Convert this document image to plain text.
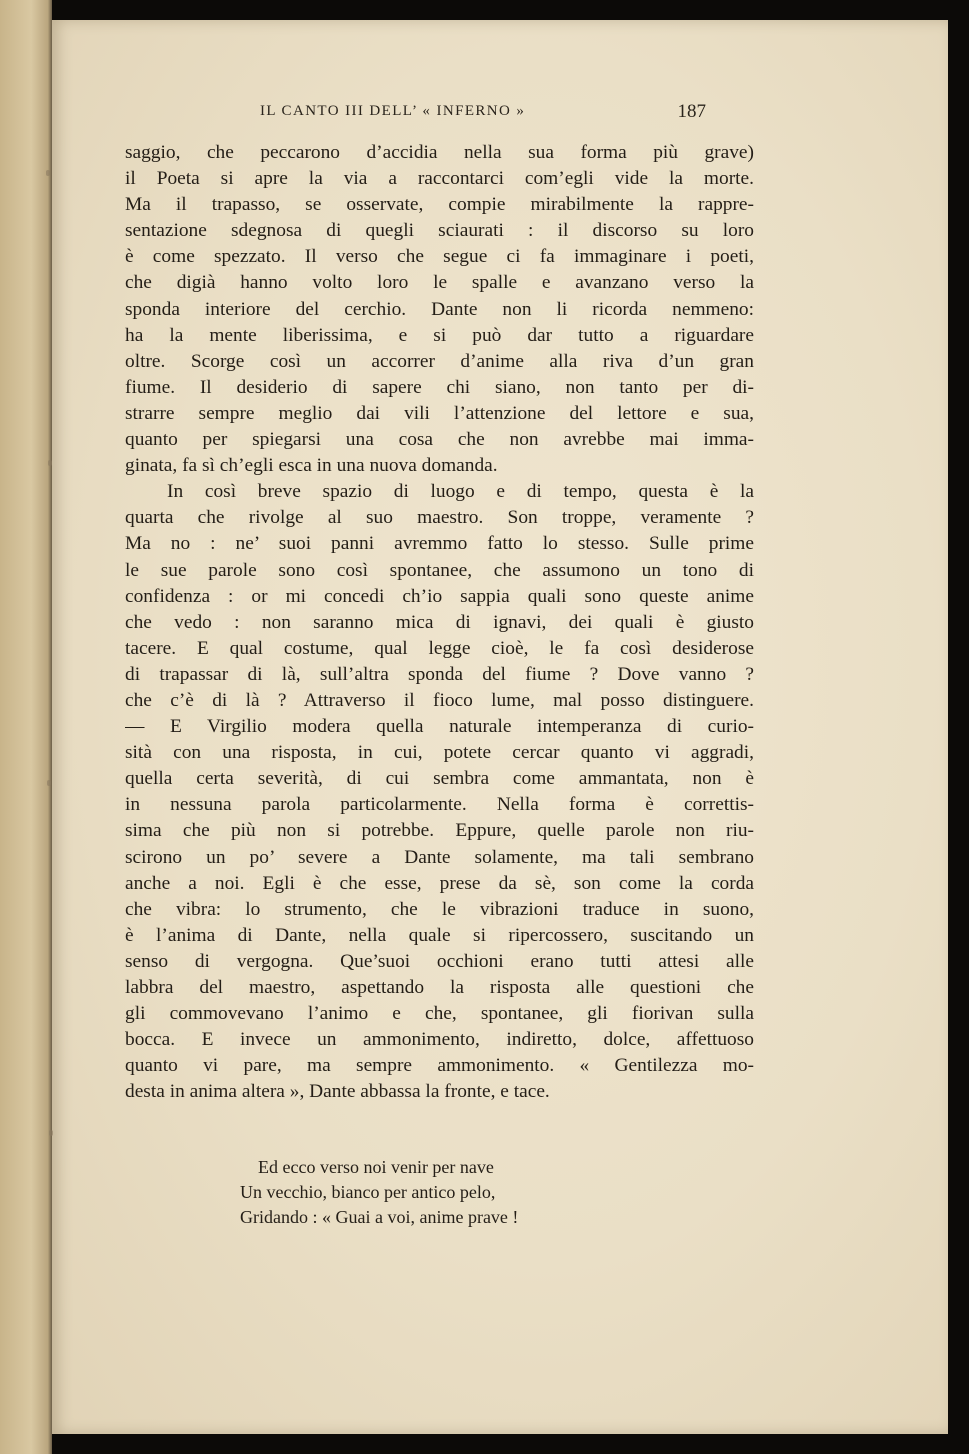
IL CANTO III DELL’ « INFERNO »	187
saggio, che peccarono d’accidia nella sua forma più grave)
il Poeta si apre la via a raccontarci com’egli vide la morte.
Ma il trapasso, se osservate, compie mirabilmente la rappre-
sentazione sdegnosa di quegli sciaurati : il discorso su loro
è come spezzato. Il verso che segue ci fa immaginare i poeti,
che digià hanno volto loro le spalle e avanzano verso la
sponda interiore del cerchio. Dante non li ricorda nemmeno:
ha la mente liberissima, e si può dar tutto a riguardare
oltre. Scorge così un accorrer d’anime alla riva d’un gran
fiume. Il desiderio di sapere chi siano, non tanto per di-
strarre sempre meglio dai vili l’attenzione del lettore e sua,
quanto per spiegarsi una cosa che non avrebbe mai imma-
ginata, fa sì ch’egli esca in una nuova domanda.
In così breve spazio di luogo e di tempo, questa è la
quarta che rivolge al suo maestro. Son troppe, veramente ?
Ma no : ne’ suoi panni avremmo fatto lo stesso. Sulle prime
le sue parole sono così spontanee, che assumono un tono di
confidenza : or mi concedi ch’io sappia quali sono queste anime
che vedo : non saranno mica di ignavi, dei quali è giusto
tacere. E qual costume, qual legge cioè, le fa così desiderose
di trapassar di là, sull’altra sponda del fiume ? Dove vanno ?
che c’è di là ? Attraverso il fioco lume, mal posso distinguere.
— E Virgilio modera quella naturale intemperanza di curio-
sità con una risposta, in cui, potete cercar quanto vi aggradi,
quella certa severità, di cui sembra come ammantata, non è
in nessuna parola particolarmente. Nella forma è correttis-
sima che più non si potrebbe. Eppure, quelle parole non riu-
scirono un po’ severe a Dante solamente, ma tali sembrano
anche a noi. Egli è che esse, prese da sè, son come la corda
che vibra: lo strumento, che le vibrazioni traduce in suono,
è l’anima di Dante, nella quale si ripercossero, suscitando un
senso di vergogna. Que’suoi occhioni erano tutti attesi alle
labbra del maestro, aspettando la risposta alle questioni che
gli commovevano l’animo e che, spontanee, gli fiorivan sulla
bocca. E invece un ammonimento, indiretto, dolce, affettuoso
quanto vi pare, ma sempre ammonimento. « Gentilezza mo-
desta in anima altera », Dante abbassa la fronte, e tace.
Ed ecco verso noi venir per nave
Un vecchio, bianco per antico pelo,
Gridando : « Guai a voi, anime prave !
